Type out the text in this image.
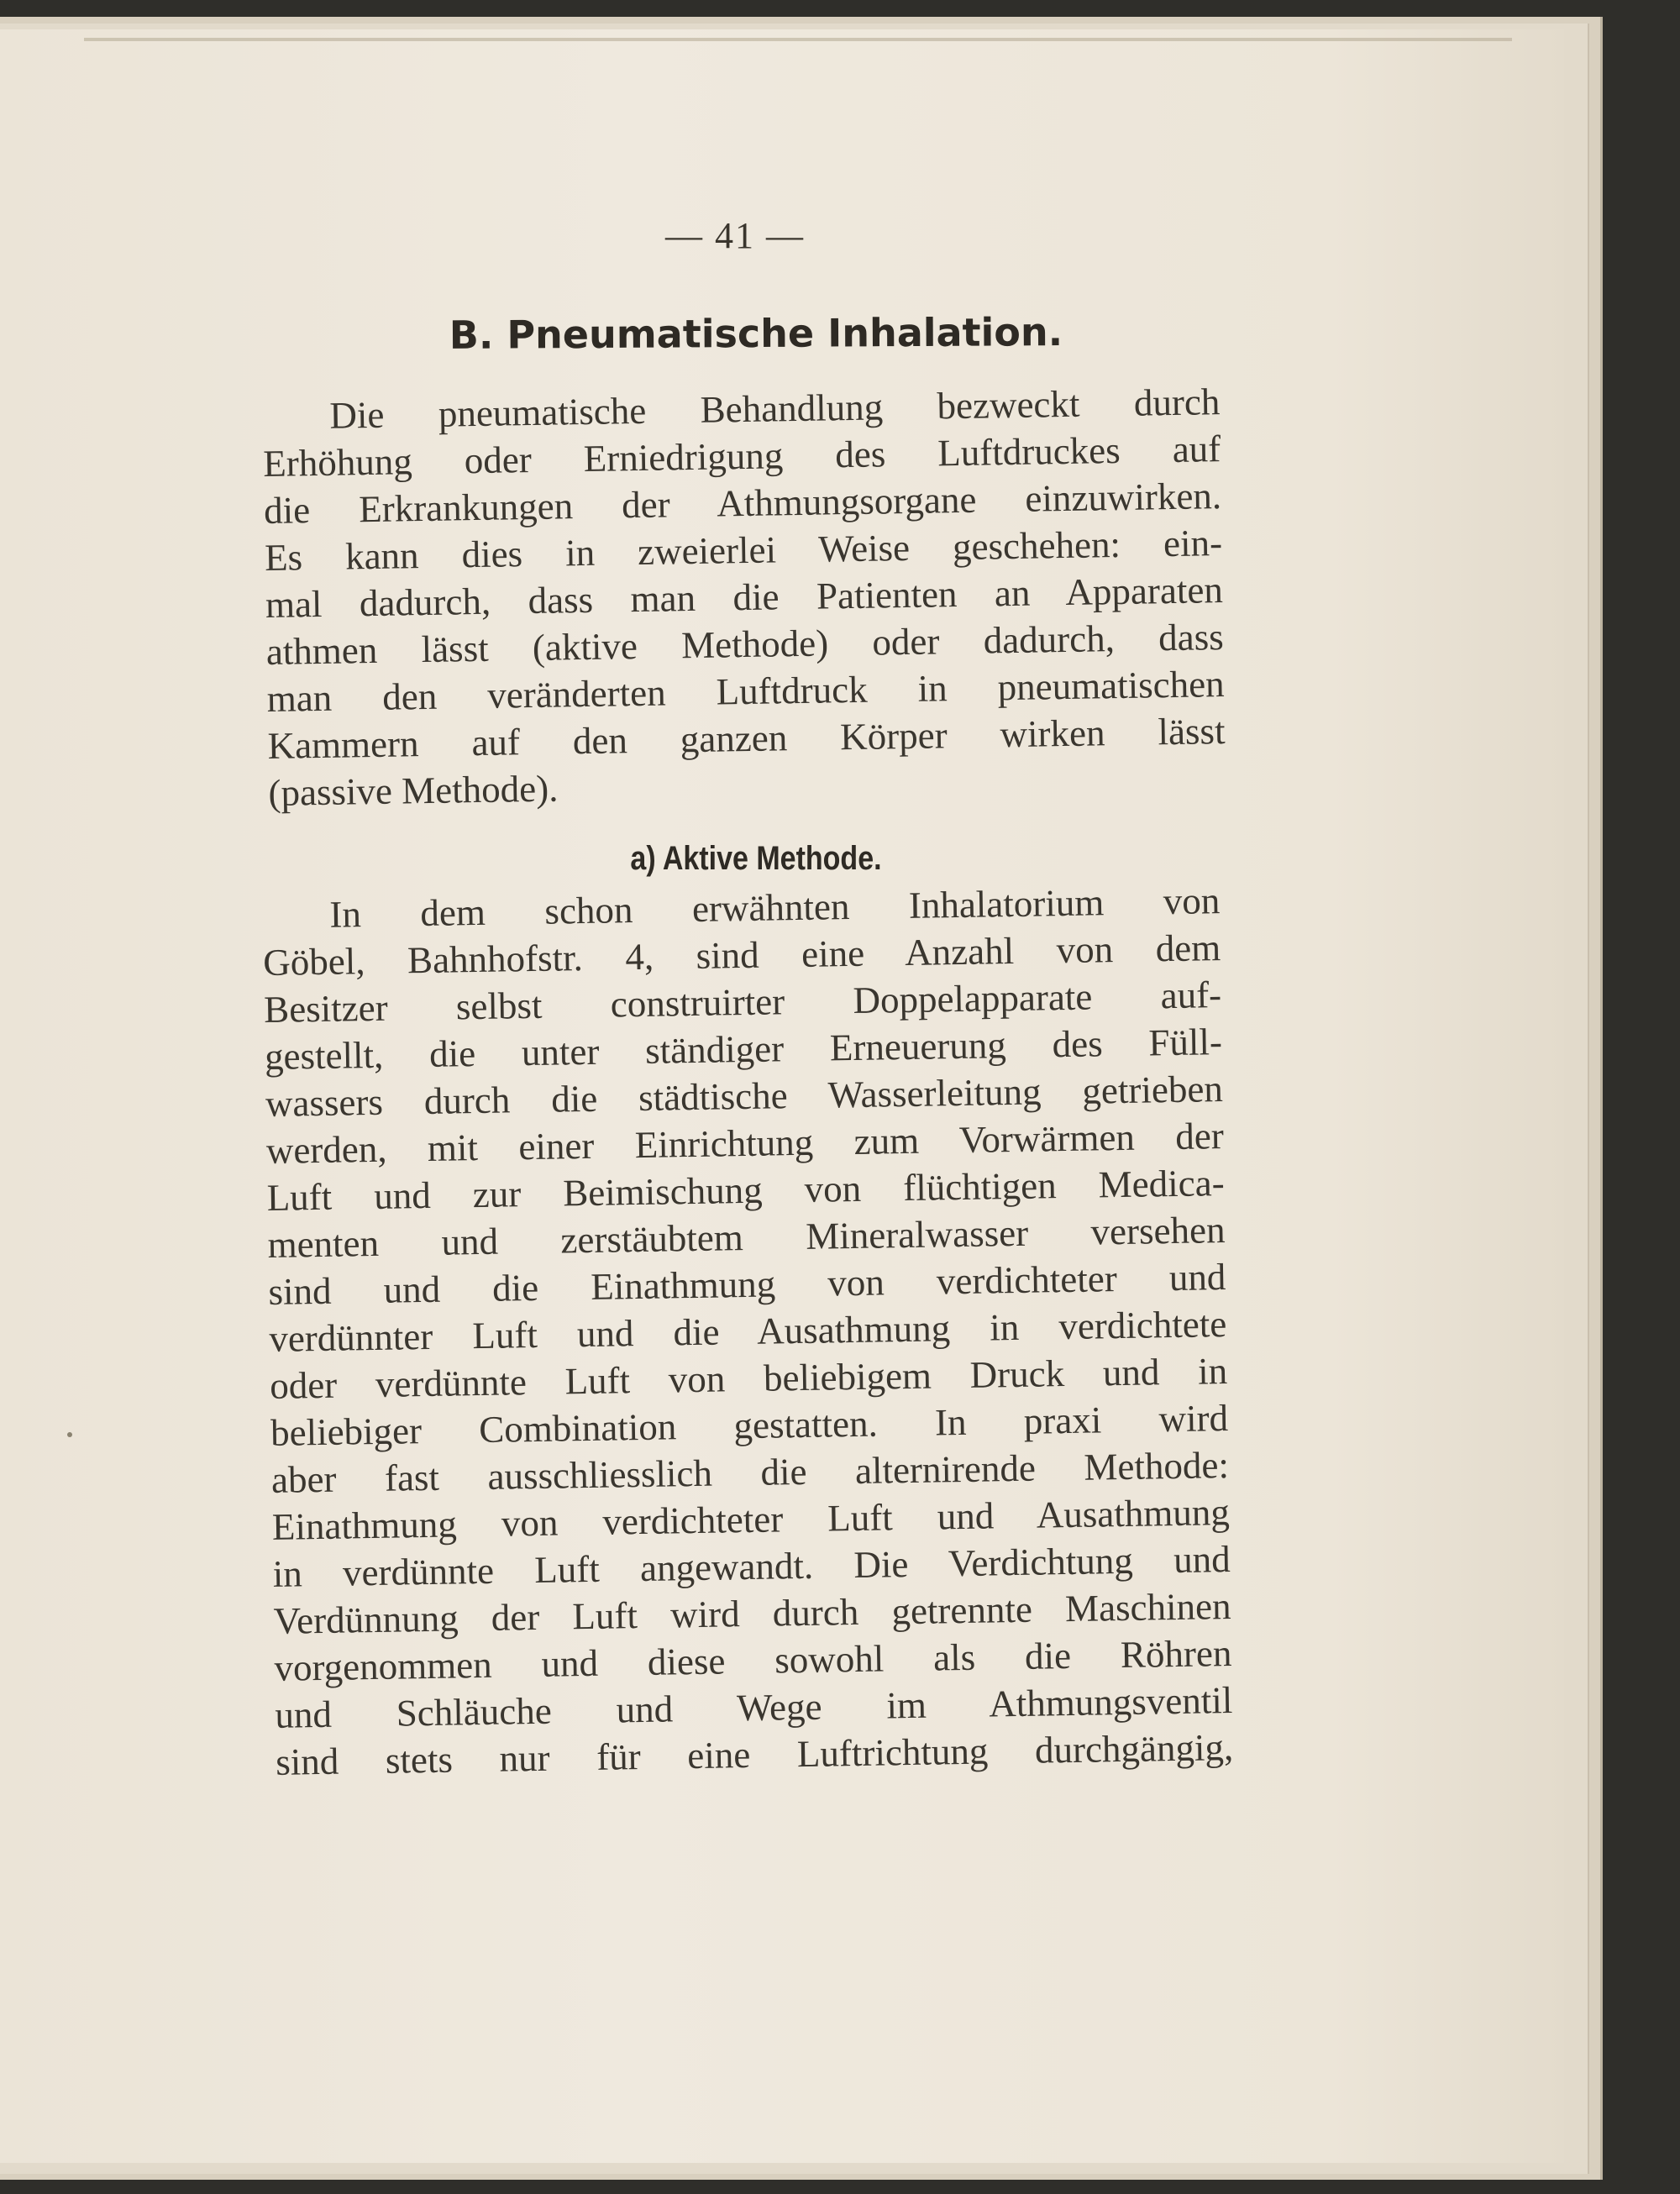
— 41 —
B. Pneumatische Inhalation.
Die pneumatische Behandlung bezweckt durch
Erhöhung oder Erniedrigung des Luftdruckes auf
die Erkrankungen der Athmungsorgane einzuwirken.
Es kann dies in zweierlei Weise geschehen: ein-
mal dadurch, dass man die Patienten an Apparaten
athmen lässt (aktive Methode) oder dadurch, dass
man den veränderten Luftdruck in pneumatischen
Kammern auf den ganzen Körper wirken lässt
(passive Methode).
a) Aktive Methode.
In dem schon erwähnten Inhalatorium von
Göbel, Bahnhofstr. 4, sind eine Anzahl von dem
Besitzer selbst construirter Doppelapparate auf-
gestellt, die unter ständiger Erneuerung des Füll-
wassers durch die städtische Wasserleitung getrieben
werden, mit einer Einrichtung zum Vorwärmen der
Luft und zur Beimischung von flüchtigen Medica-
menten und zerstäubtem Mineralwasser versehen
sind und die Einathmung von verdichteter und
verdünnter Luft und die Ausathmung in verdichtete
oder verdünnte Luft von beliebigem Druck und in
beliebiger Combination gestatten. In praxi wird
aber fast ausschliesslich die alternirende Methode:
Einathmung von verdichteter Luft und Ausathmung
in verdünnte Luft angewandt. Die Verdichtung und
Verdünnung der Luft wird durch getrennte Maschinen
vorgenommen und diese sowohl als die Röhren
und Schläuche und Wege im Athmungsventil
sind stets nur für eine Luftrichtung durchgängig,
